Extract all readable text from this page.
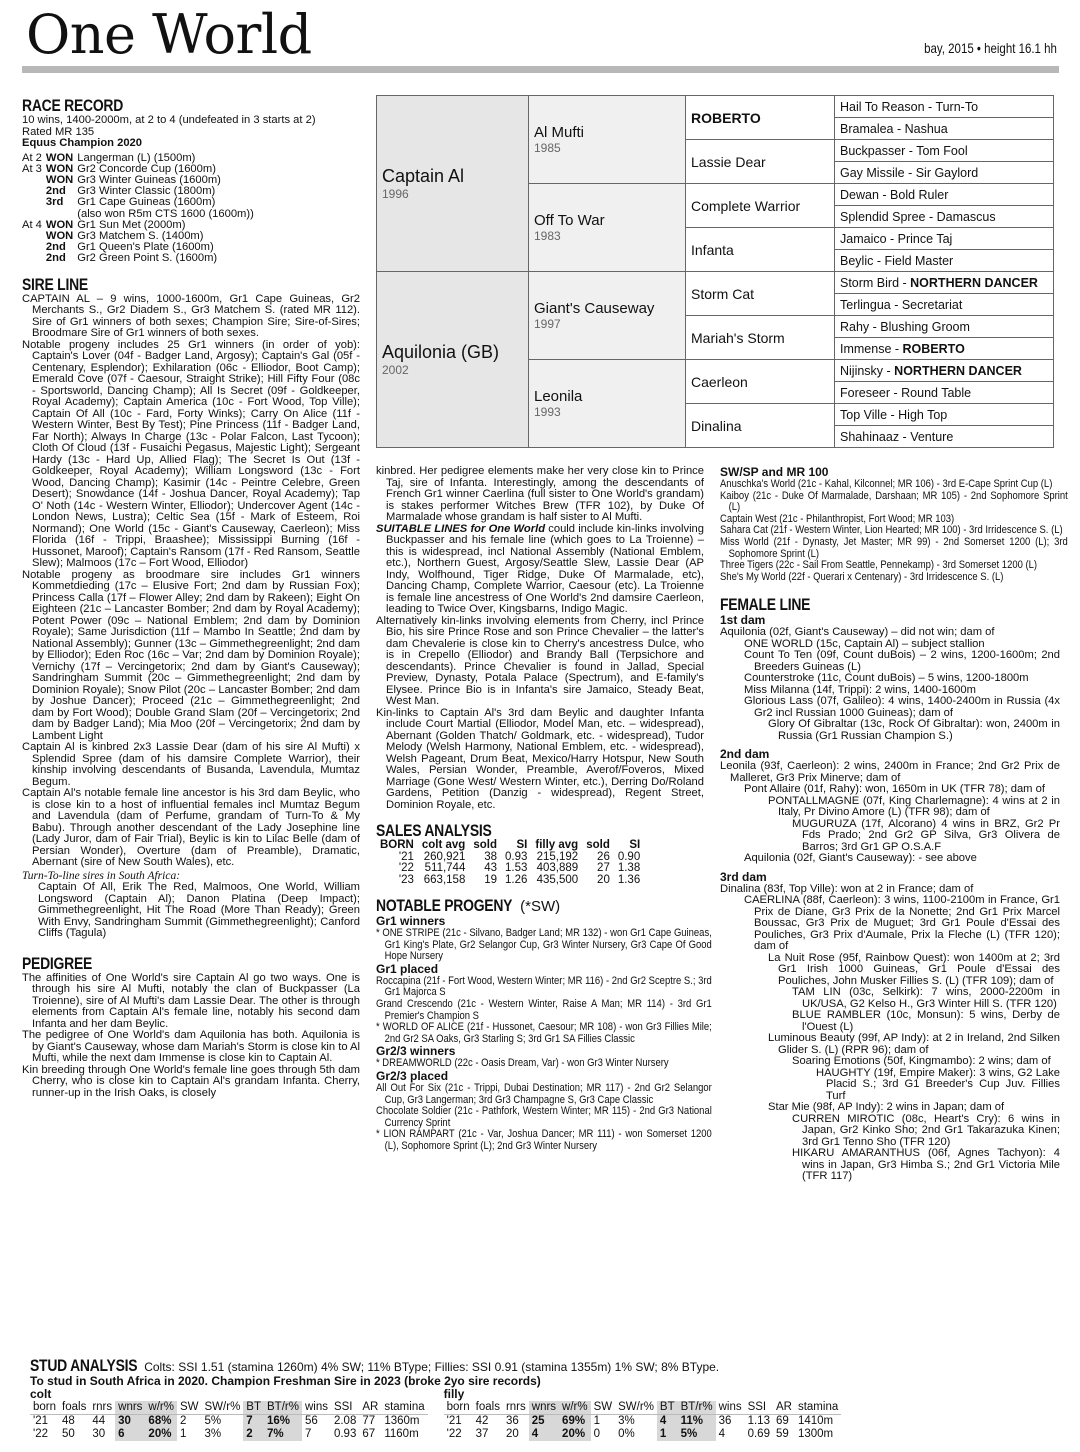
One World	bay, 2015 • height 16.1 hh
RACE RECORD

10 wins, 1400-2000m, at 2 to 4 (undefeated in 3 starts at 2)

Rated MR 135

Equus Champion 2020

At 2	WON	Langerman (L) (1500m)
At 3	WON	Gr2 Concorde Cup (1600m)
	WON	Gr3 Winter Guineas (1600m)
	2nd	Gr3 Winter Classic (1800m)
	3rd	Gr1 Cape Guineas (1600m)
		(also won R5m CTS 1600 (1600m))
At 4	WON	Gr1 Sun Met (2000m)
	WON	Gr3 Matchem S. (1400m)
	2nd	Gr1 Queen's Plate (1600m)
	2nd	Gr2 Green Point S. (1600m)
SIRE LINE

CAPTAIN AL – 9 wins, 1000-1600m, Gr1 Cape Guineas, Gr2 Merchants S., Gr2 Diadem S., Gr3 Matchem S. (rated MR 112). Sire of Gr1 winners of both sexes; Champion Sire; Sire-of-Sires; Broodmare Sire of Gr1 winners of both sexes.

Notable progeny includes 25 Gr1 winners (in order of yob): Captain's Lover (04f - Badger Land, Argosy); Captain's Gal (05f - Centenary, Esplendor); Exhilaration (06c - Elliodor, Boot Camp); Emerald Cove (07f - Caesour, Straight Strike); Hill Fifty Four (08c - Sportsworld, Dancing Champ); All Is Secret (09f - Goldkeeper, Royal Academy); Captain America (10c - Fort Wood, Top Ville); Captain Of All (10c - Fard, Forty Winks); Carry On Alice (11f - Western Winter, Best By Test); Pine Princess (11f - Badger Land, Far North); Always In Charge (13c - Polar Falcon, Last Tycoon); Cloth Of Cloud (13f - Fusaichi Pegasus, Majestic Light); Sergeant Hardy (13c - Hard Up, Allied Flag); The Secret Is Out (13f - Goldkeeper, Royal Academy); William Longsword (13c - Fort Wood, Dancing Champ); Kasimir (14c - Peintre Celebre, Green Desert); Snowdance (14f - Joshua Dancer, Royal Academy); Tap O' Noth (14c - Western Winter, Elliodor); Undercover Agent (14c - London News, Lustra); Celtic Sea (15f - Mark of Esteem, Roi Normand); One World (15c - Giant's Causeway, Caerleon); Miss Florida (16f - Trippi, Braashee); Mississippi Burning (16f - Hussonet, Maroof); Captain's Ransom (17f - Red Ransom, Seattle Slew); Malmoos (17c – Fort Wood, Elliodor)

Notable progeny as broodmare sire includes Gr1 winners Kommetdieding (17c – Elusive Fort; 2nd dam by Russian Fox); Princess Calla (17f – Flower Alley; 2nd dam by Rakeen); Eight On Eighteen (21c – Lancaster Bomber; 2nd dam by Royal Academy); Potent Power (09c – National Emblem; 2nd dam by Dominion Royale); Same Jurisdiction (11f – Mambo In Seattle; 2nd dam by National Assembly); Gunner (13c – Gimmethegreenlight; 2nd dam by Elliodor); Eden Roc (16c – Var; 2nd dam by Dominion Royale); Vernichy (17f – Vercingetorix; 2nd dam by Giant's Causeway); Sandringham Summit (20c – Gimmethegreenlight; 2nd dam by Dominion Royale); Snow Pilot (20c – Lancaster Bomber; 2nd dam by Joshue Dancer); Proceed (21c – Gimmethegreenlight; 2nd dam by Fort Wood); Double Grand Slam (20f – Vercingetorix; 2nd dam by Badger Land); Mia Moo (20f – Vercingetorix; 2nd dam by Lambent Light

Captain Al is kinbred 2x3 Lassie Dear (dam of his sire Al Mufti) x Splendid Spree (dam of his damsire Complete Warrior), their kinship involving descendants of Busanda, Lavendula, Mumtaz Begum.

Captain Al's notable female line ancestor is his 3rd dam Beylic, who is close kin to a host of influential females incl Mumtaz Begum and Lavendula (dam of Perfume, grandam of Turn-To & My Babu). Through another descendant of the Lady Josephine line (Lady Juror, dam of Fair Trial), Beylic is kin to Lilac Belle (dam of Persian Wonder), Overture (dam of Preamble), Dramatic, Abernant (sire of New South Wales), etc.

Turn-To-line sires in South Africa:

Captain Of All, Erik The Red, Malmoos, One World, William Longsword (Captain Al); Danon Platina (Deep Impact); Gimmethegreenlight, Hit The Road (More Than Ready); Green With Envy, Sandringham Summit (Gimmethegreenlight); Canford Cliffs (Tagula)

PEDIGREE

The affinities of One World's sire Captain Al go two ways. One is through his sire Al Mufti, notably the clan of Buckpasser (La Troienne), sire of Al Mufti's dam Lassie Dear. The other is through elements from Captain Al's female line, notably his second dam Infanta and her dam Beylic.

The pedigree of One World's dam Aquilonia has both. Aquilonia is by Giant's Causeway, whose dam Mariah's Storm is close kin to Al Mufti, while the next dam Immense is close kin to Captain Al.

Kin breeding through One World's female line goes through 5th dam Cherry, who is close kin to Captain Al's grandam Infanta. Cherry, runner-up in the Irish Oaks, is closely

Captain Al
1996	Al Mufti
1985	ROBERTO	Hail To Reason - Turn-To
			Bramalea - Nashua
		Lassie Dear	Buckpasser - Tom Fool
			Gay Missile - Sir Gaylord
	Off To War
1983	Complete Warrior	Dewan - Bold Ruler
			Splendid Spree - Damascus
		Infanta	Jamaico - Prince Taj
			Beylic - Field Master
Aquilonia (GB)
2002	Giant's Causeway
1997	Storm Cat	Storm Bird - NORTHERN DANCER
			Terlingua - Secretariat
		Mariah's Storm	Rahy - Blushing Groom
			Immense - ROBERTO
	Leonila
1993	Caerleon	Nijinsky - NORTHERN DANCER
			Foreseer - Round Table
		Dinalina	Top Ville - High Top
			Shahinaaz - Venture

kinbred. Her pedigree elements make her very close kin to Prince Taj, sire of Infanta. Interestingly, among the descendants of French Gr1 winner Caerlina (full sister to One World's grandam) is stakes performer Witches Brew (TFR 102), by Duke Of Marmalade whose grandam is half sister to Al Mufti.

SUITABLE LINES for One World could include kin-links involving Buckpasser and his female line (which goes to La Troienne) – this is widespread, incl National Assembly (National Emblem, etc.), Northern Guest, Argosy/Seattle Slew, Lassie Dear (AP Indy, Wolfhound, Tiger Ridge, Duke Of Marmalade, etc), Dancing Champ, Complete Warrior, Caesour (etc). La Troienne is female line ancestress of One World's 2nd damsire Caerleon, leading to Twice Over, Kingsbarns, Indigo Magic.

Alternatively kin-links involving elements from Cherry, incl Prince Bio, his sire Prince Rose and son Prince Chevalier – the latter's dam Chevalerie is close kin to Cherry's ancestress Dulce, who is in Crepello (Elliodor) and Brandy Ball (Terpsichore and descendants). Prince Chevalier is found in Jallad, Special Preview, Dynasty, Potala Palace (Spectrum), and E-family's Elysee. Prince Bio is in Infanta's sire Jamaico, Steady Beat, West Man.

Kin-links to Captain Al's 3rd dam Beylic and daughter Infanta include Court Martial (Elliodor, Model Man, etc. – widespread), Abernant (Golden Thatch/ Goldmark, etc. - widespread), Tudor Melody (Welsh Harmony, National Emblem, etc. - widespread), Welsh Pageant, Drum Beat, Mexico/Harry Hotspur, New South Wales, Persian Wonder, Preamble, Averof/Foveros, Mixed Marriage (Gone West/ Western Winter, etc.), Derring Do/Roland Gardens, Petition (Danzig - widespread), Regent Street, Dominion Royale, etc.

SALES ANALYSIS
BORN	colt avg	sold	SI	filly avg	sold	SI
'21	260,921	38	0.93	215,192	26	0.90
'22	511,744	43	1.53	403,889	27	1.38
'23	663,158	19	1.26	435,500	20	1.36
NOTABLE PROGENY (*SW)
Gr1 winners
* ONE STRIPE (21c - Silvano, Badger Land; MR 132) - won Gr1 Cape Guineas, Gr1 King's Plate, Gr2 Selangor Cup, Gr3 Winter Nursery, Gr3 Cape Of Good Hope Nursery
Gr1 placed
Roccapina (21f - Fort Wood, Western Winter; MR 116) - 2nd Gr2 Sceptre S.; 3rd Gr1 Majorca S
Grand Crescendo (21c - Western Winter, Raise A Man; MR 114) - 3rd Gr1 Premier's Champion S
* WORLD OF ALICE (21f - Hussonet, Caesour; MR 108) - won Gr3 Fillies Mile; 2nd Gr2 SA Oaks, Gr3 Starling S; 3rd Gr1 SA Fillies Classic
Gr2/3 winners
* DREAMWORLD (22c - Oasis Dream, Var) - won Gr3 Winter Nursery
Gr2/3 placed
All Out For Six (21c - Trippi, Dubai Destination; MR 117) - 2nd Gr2 Selangor Cup, Gr3 Langerman; 3rd Gr3 Champagne S, Gr3 Cape Classic
Chocolate Soldier (21c - Pathfork, Western Winter; MR 115) - 2nd Gr3 National Currency Sprint
* LION RAMPART (21c - Var, Joshua Dancer; MR 111) - won Somerset 1200 (L), Sophomore Sprint (L); 2nd Gr3 Winter Nursery
SW/SP and MR 100
Anuschka's World (21c - Kahal, Kilconnel; MR 106) - 3rd E-Cape Sprint Cup (L)
Kaiboy (21c - Duke Of Marmalade, Darshaan; MR 105) - 2nd Sophomore Sprint (L)
Captain West (21c - Philanthropist, Fort Wood; MR 103)
Sahara Cat (21f - Western Winter, Lion Hearted; MR 100) - 3rd Irridescence S. (L)
Miss World (21f - Dynasty, Jet Master; MR 99) - 2nd Somerset 1200 (L); 3rd Sophomore Sprint (L)
Three Tigers (22c - Sail From Seattle, Pennekamp) - 3rd Somerset 1200 (L)
She's My World (22f - Querari x Centenary) - 3rd Irridescence S. (L)
FEMALE LINE
1st dam
Aquilonia (02f, Giant's Causeway) – did not win; dam of
ONE WORLD (15c, Captain Al) – subject stallion
Count To Ten (09f, Count duBois) – 2 wins, 1200-1600m; 2nd Breeders Guineas (L)
Counterstroke (11c, Count duBois) – 5 wins, 1200-1800m
Miss Milanna (14f, Trippi): 2 wins, 1400-1600m
Glorious Lass (07f, Galileo): 4 wins, 1400-2400m in Russia (4x Gr2 incl Russian 1000 Guineas); dam of
Glory Of Gibraltar (13c, Rock Of Gibraltar): won, 2400m in Russia (Gr1 Russian Champion S.)
2nd dam
Leonila (93f, Caerleon): 2 wins, 2400m in France; 2nd Gr2 Prix de Malleret, Gr3 Prix Minerve; dam of
Pont Allaire (01f, Rahy): won, 1650m in UK (TFR 78); dam of
PONTALLMAGNE (07f, King Charlemagne): 4 wins at 2 in Italy, Pr Divino Amore (L) (TFR 98); dam of
MUGURUZA (17f, Alcorano) 4 wins in BRZ, Gr2 Pr Fds Prado; 2nd Gr2 GP Silva, Gr3 Olivera de Barros; 3rd Gr1 GP O.S.A.F
Aquilonia (02f, Giant's Causeway): - see above
3rd dam
Dinalina (83f, Top Ville): won at 2 in France; dam of
CAERLINA (88f, Caerleon): 3 wins, 1100-2100m in France, Gr1 Prix de Diane, Gr3 Prix de la Nonette; 2nd Gr1 Prix Marcel Boussac, Gr3 Prix de Muguet; 3rd Gr1 Poule d'Essai des Pouliches, Gr3 Prix d'Aumale, Prix la Fleche (L) (TFR 120); dam of
La Nuit Rose (95f, Rainbow Quest): won 1400m at 2; 3rd Gr1 Irish 1000 Guineas, Gr1 Poule d'Essai des Pouliches, John Musker Fillies S. (L) (TFR 109); dam of
TAM LIN (03c, Selkirk): 7 wins, 2000-2200m in UK/USA, G2 Kelso H., Gr3 Winter Hill S. (TFR 120)
BLUE RAMBLER (10c, Monsun): 5 wins, Derby de l'Ouest (L)
Luminous Beauty (99f, AP Indy): at 2 in Ireland, 2nd Silken Glider S. (L) (RPR 96); dam of
Soaring Emotions (50f, Kingmambo): 2 wins; dam of
HAUGHTY (19f, Empire Maker): 3 wins, G2 Lake Placid S.; 3rd G1 Breeder's Cup Juv. Fillies Turf
Star Mie (98f, AP Indy): 2 wins in Japan; dam of
CURREN MIROTIC (08c, Heart's Cry): 6 wins in Japan, Gr2 Kinko Sho; 2nd Gr1 Takarazuka Kinen; 3rd Gr1 Tenno Sho (TFR 120)
HIKARU AMARANTHUS (06f, Agnes Tachyon): 4 wins in Japan, Gr3 Himba S.; 2nd Gr1 Victoria Mile (TFR 117)
STUD ANALYSIS Colts: SSI 1.51 (stamina 1260m) 4% SW; 11% BType; Fillies: SSI 0.91 (stamina 1355m) 1% SW; 8% BType.
To stud in South Africa in 2020. Champion Freshman Sire in 2023 (broke 2yo sire records)
colt
born	foals	rnrs	wnrs	w/r%	SW	SW/r%	BT	BT/r%	wins	SSI	AR	stamina
'21	48	44	30	68%	2	5%	7	16%	56	2.08	77	1360m
'22	50	30	6	20%	1	3%	2	7%	7	0.93	67	1160m
filly
born	foals	rnrs	wnrs	w/r%	SW	SW/r%	BT	BT/r%	wins	SSI	AR	stamina
'21	42	36	25	69%	1	3%	4	11%	36	1.13	69	1410m
'22	37	20	4	20%	0	0%	1	5%	4	0.69	59	1300m
